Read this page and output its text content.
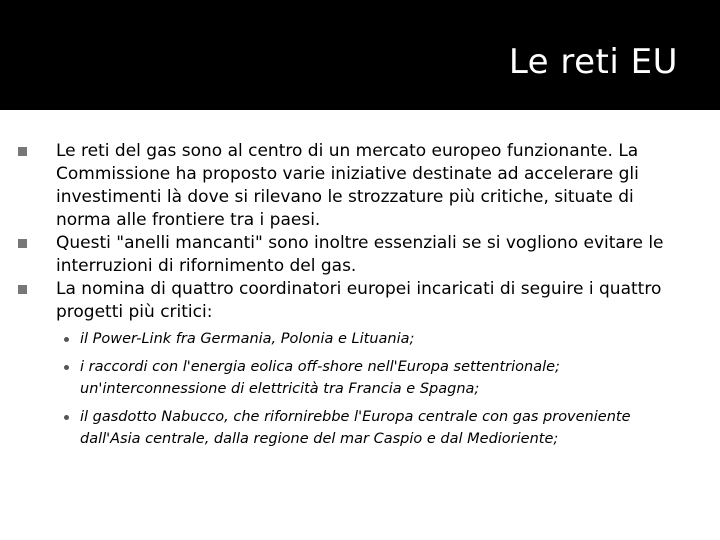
Le reti EU
Le reti del gas sono al centro di un mercato europeo funzionante. La Commissione ha proposto varie iniziative destinate ad accelerare gli investimenti là dove si rilevano le strozzature più critiche, situate di norma alle frontiere tra i paesi.
Questi "anelli mancanti" sono inoltre essenziali se si vogliono evitare le interruzioni di rifornimento del gas.
La nomina di quattro coordinatori europei incaricati di seguire i quattro progetti più critici:
il Power-Link fra Germania, Polonia e Lituania;
i raccordi con l'energia eolica off-shore nell'Europa settentrionale; un'interconnessione di elettricità tra Francia e Spagna;
il gasdotto Nabucco, che rifornirebbe l'Europa centrale con gas proveniente dall'Asia centrale, dalla regione del mar Caspio e dal Medioriente;
